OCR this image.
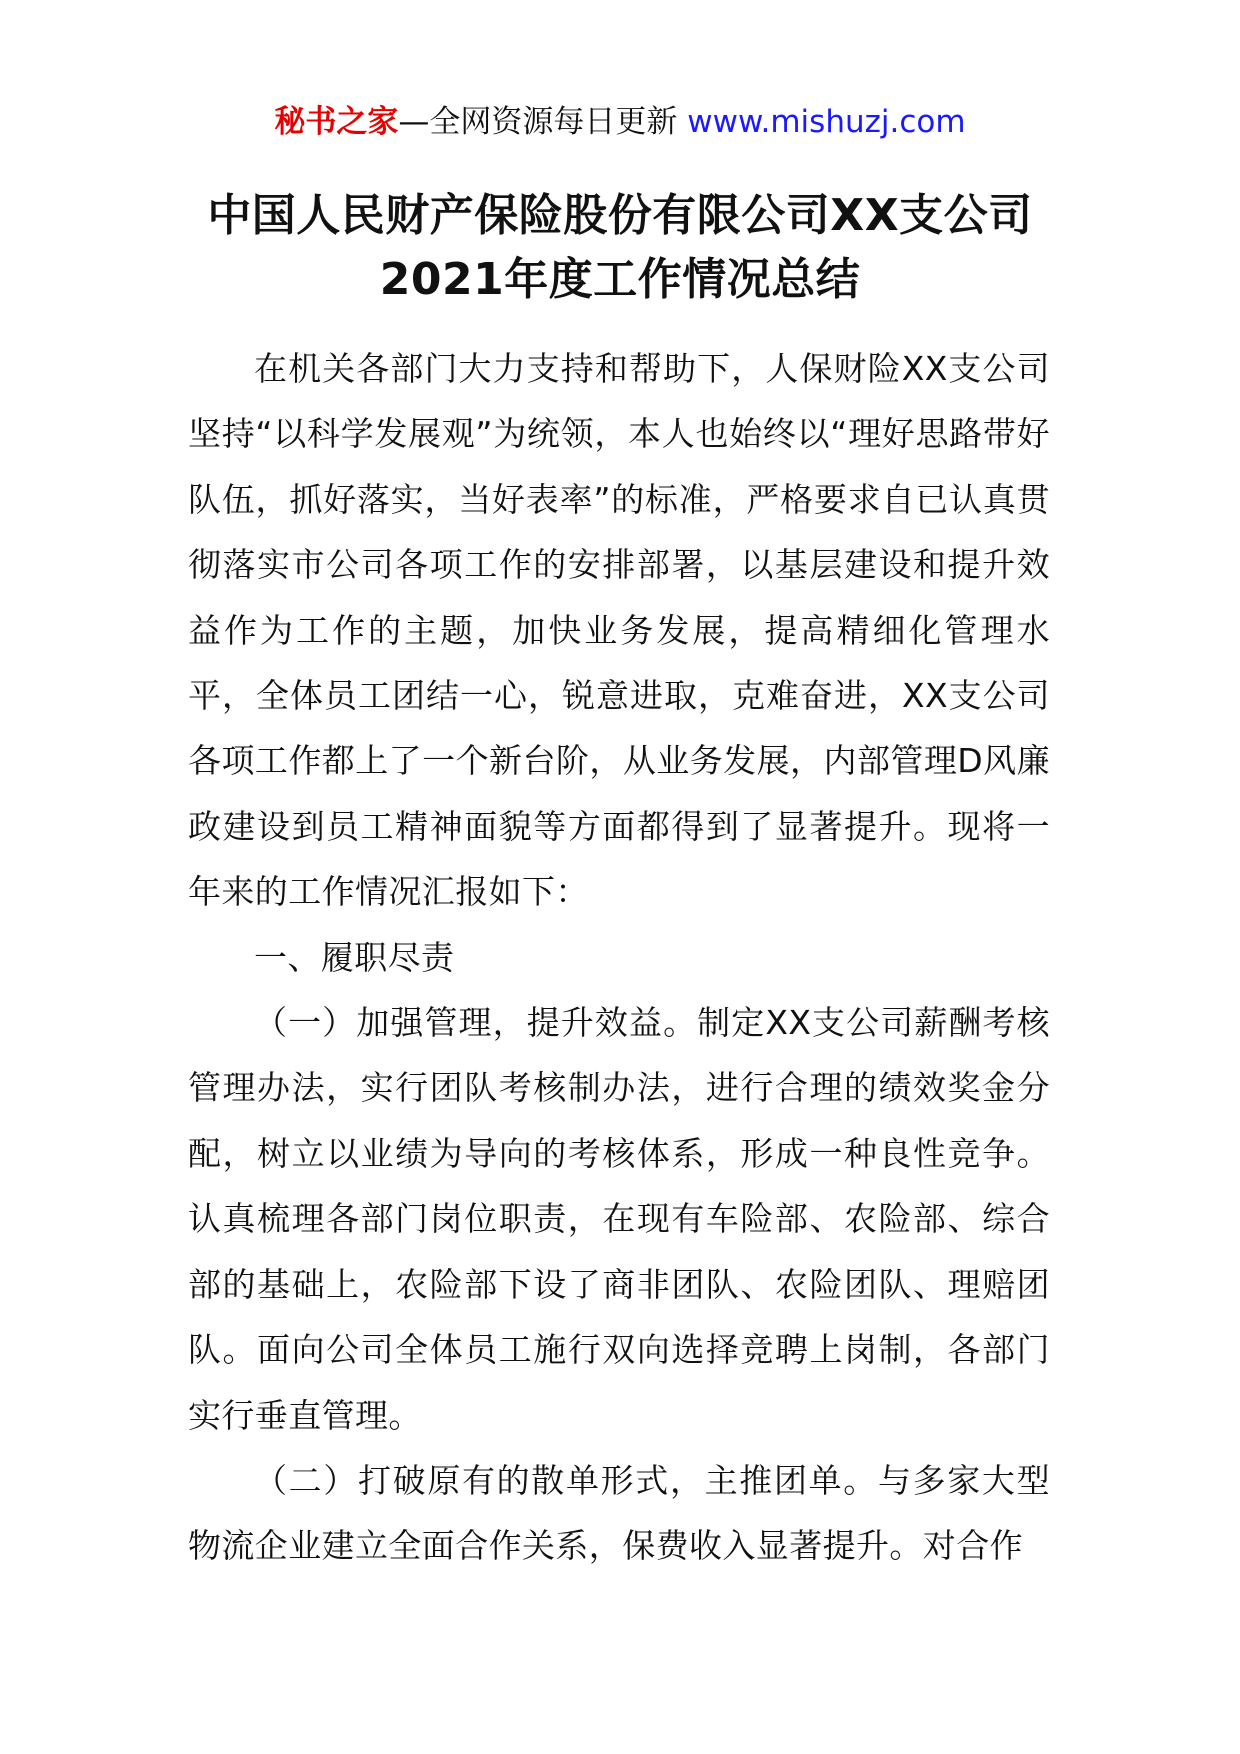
秘书之家—全网资源每日更新 www.mishuzj.com
中国人民财产保险股份有限公司XX支公司2021年度工作情况总结

在机关各部门大力支持和帮助下，人保财险XX支公司坚持“以科学发展观”为统领，本人也始终以“理好思路带好队伍，抓好落实，当好表率”的标准，严格要求自已认真贯彻落实市公司各项工作的安排部署，以基层建设和提升效益作为工作的主题，加快业务发展，提高精细化管理水平，全体员工团结一心，锐意进取，克难奋进，XX支公司各项工作都上了一个新台阶，从业务发展，内部管理D风廉政建设到员工精神面貌等方面都得到了显著提升。现将一年来的工作情况汇报如下：

一、履职尽责

（一）加强管理，提升效益。制定XX支公司薪酬考核管理办法，实行团队考核制办法，进行合理的绩效奖金分配，树立以业绩为导向的考核体系，形成一种良性竞争。认真梳理各部门岗位职责，在现有车险部、农险部、综合部的基础上，农险部下设了商非团队、农险团队、理赔团队。面向公司全体员工施行双向选择竞聘上岗制，各部门实行垂直管理。

（二）打破原有的散单形式，主推团单。与多家大型物流企业建立全面合作关系，保费收入显著提升。对合作
